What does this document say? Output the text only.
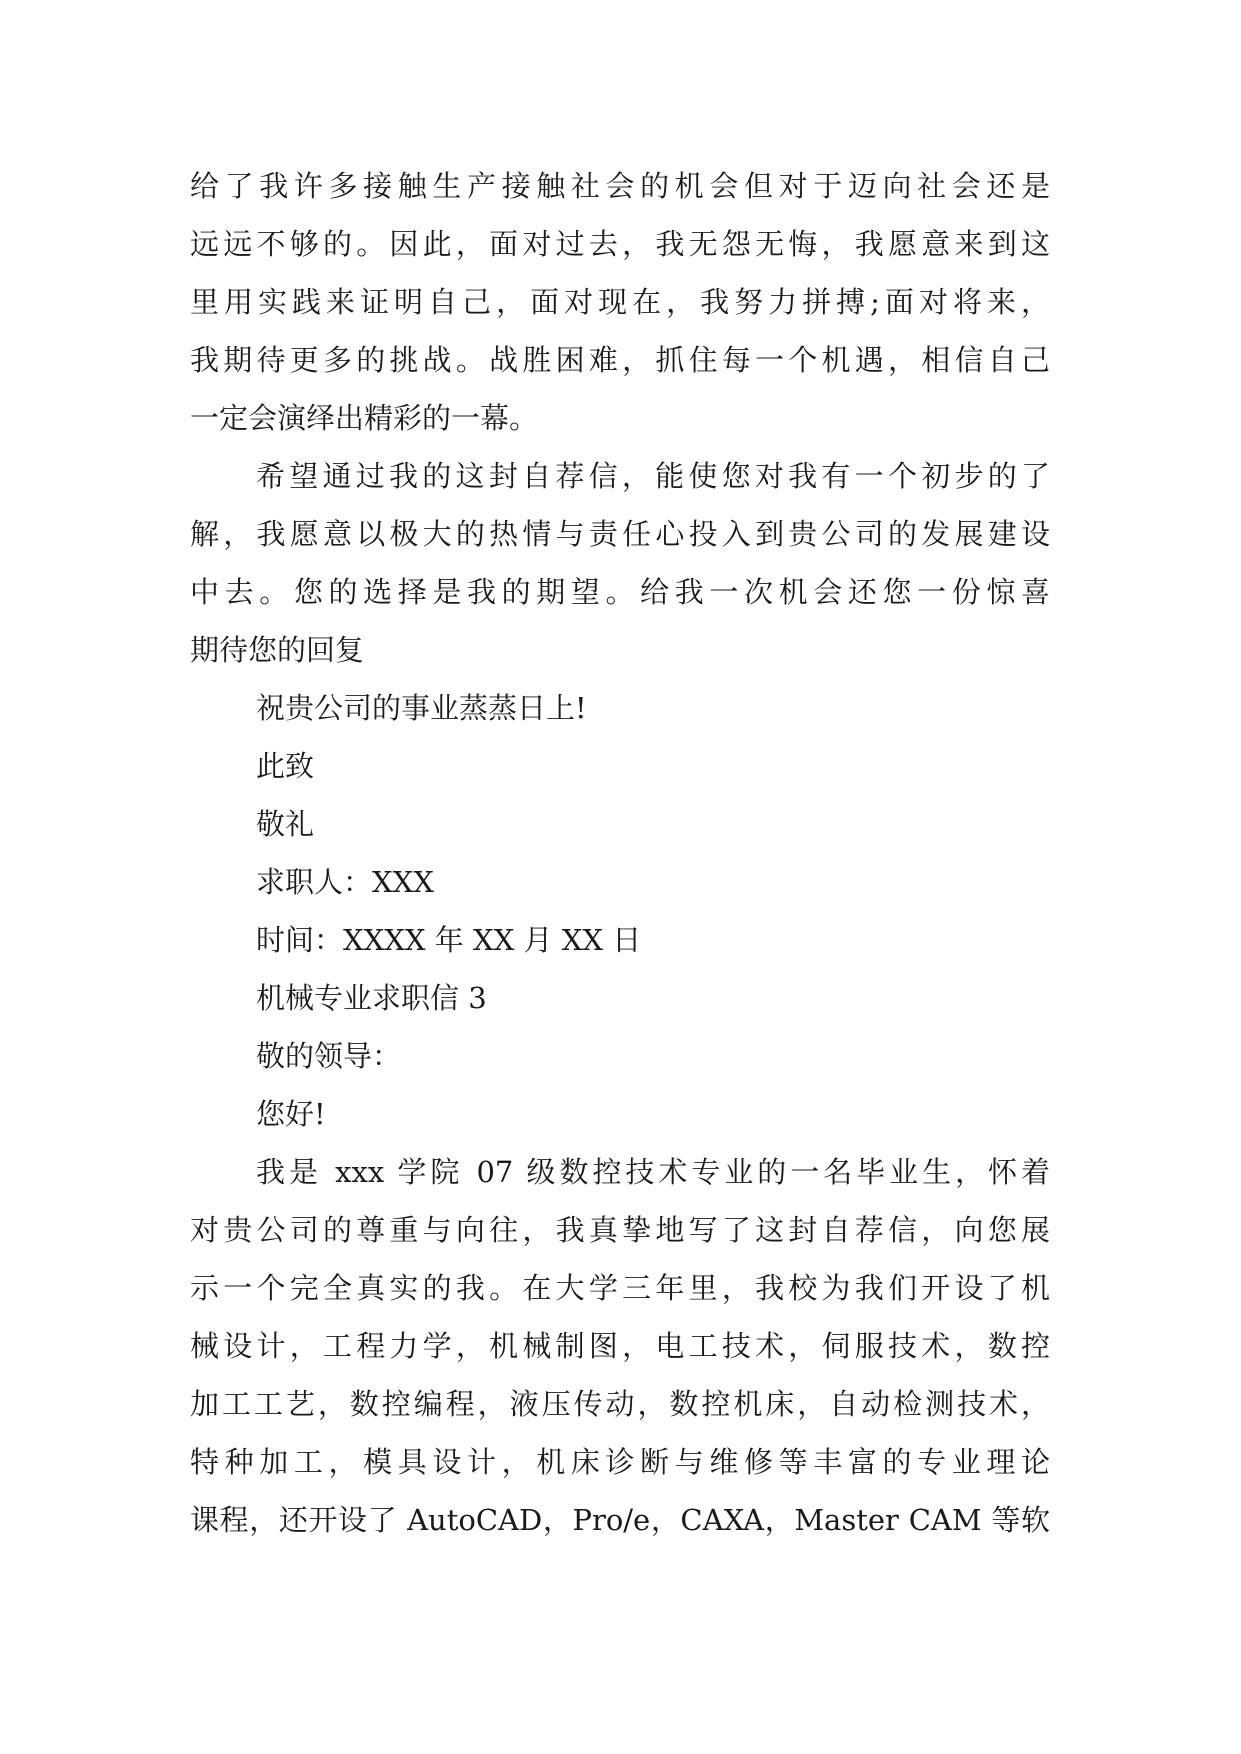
给了我许多接触生产接触社会的机会但对于迈向社会还是

远远不够的。因此，面对过去，我无怨无悔，我愿意来到这

里用实践来证明自己，面对现在，我努力拼搏;面对将来，

我期待更多的挑战。战胜困难，抓住每一个机遇，相信自己

一定会演绎出精彩的一幕。

希望通过我的这封自荐信，能使您对我有一个初步的了

解，我愿意以极大的热情与责任心投入到贵公司的发展建设

中去。您的选择是我的期望。给我一次机会还您一份惊喜

期待您的回复

祝贵公司的事业蒸蒸日上!

此致

敬礼

求职人：XXX

时间：XXXX 年 XX 月 XX 日

机械专业求职信 3

敬的领导：

您好!

我是 xxx 学院 07 级数控技术专业的一名毕业生，怀着

对贵公司的尊重与向往，我真挚地写了这封自荐信，向您展

示一个完全真实的我。在大学三年里，我校为我们开设了机

械设计，工程力学，机械制图，电工技术，伺服技术，数控

加工工艺，数控编程，液压传动，数控机床，自动检测技术，

特种加工，模具设计，机床诊断与维修等丰富的专业理论

课程，还开设了 AutoCAD，Pro/e，CAXA，Master CAM 等软
